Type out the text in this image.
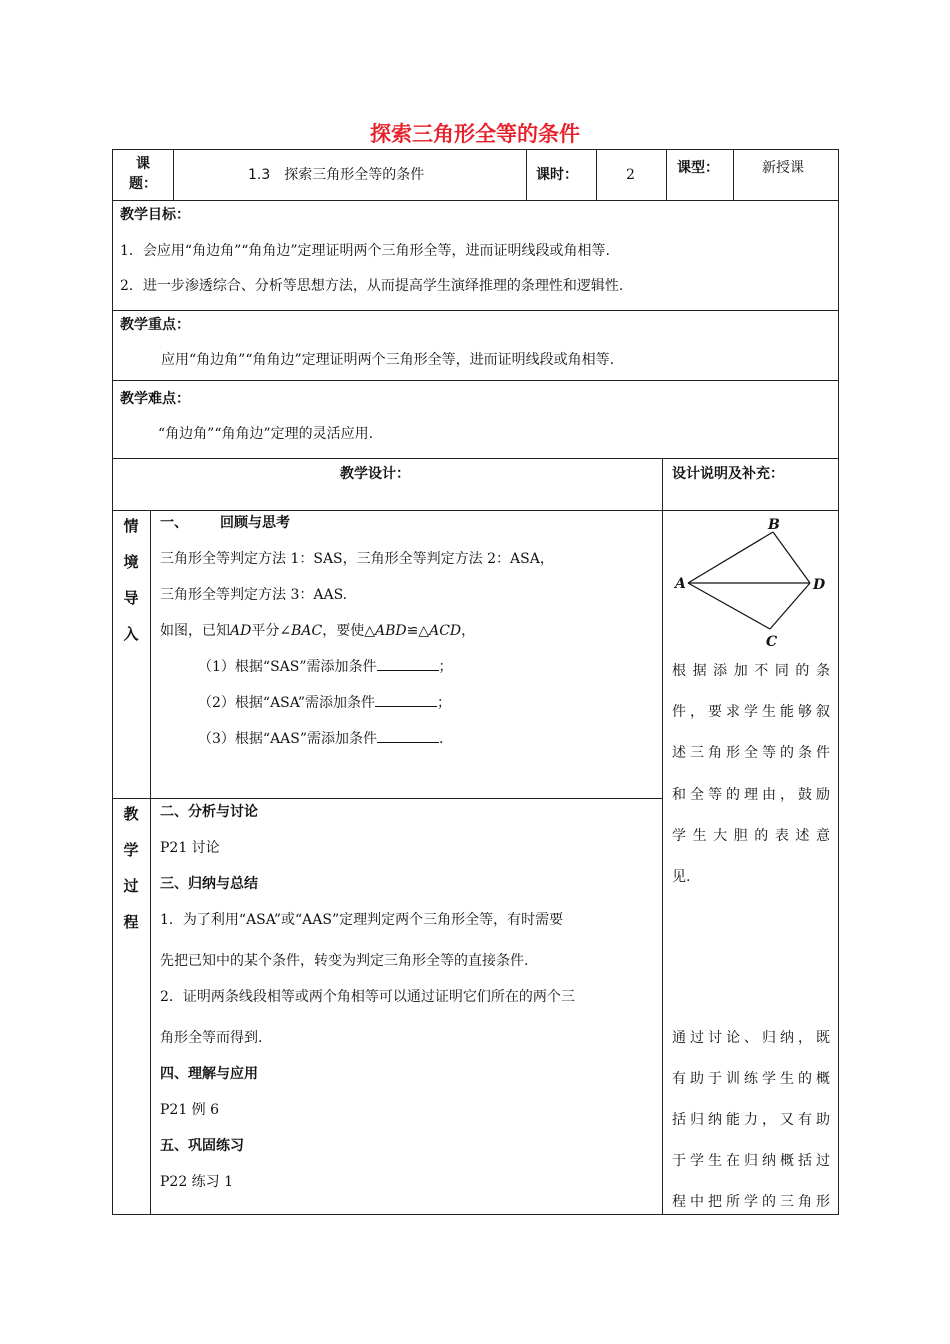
探索三角形全等的条件
课题：
1.3　探索三角形全等的条件	课时：	2	课型：	新授课
教学目标：
1．会应用“角边角”“角角边”定理证明两个三角形全等，进而证明线段或角相等.
2．进一步渗透综合、分析等思想方法，从而提高学生演绎推理的条理性和逻辑性.
教学重点：
应用“角边角”“角角边”定理证明两个三角形全等，进而证明线段或角相等.
教学难点：
“角边角”“角角边”定理的灵活应用.
教学设计：	设计说明及补充：
情
境
导
入
一、 回顾与思考
三角形全等判定方法 1：SAS，三角形全等判定方法 2：ASA，
三角形全等判定方法 3：AAS.
如图，已知AD平分∠BAC，要使△ABD≌△ACD，
（1）根据“SAS”需添加条件	；
（2）根据“ASA”需添加条件	；
（3）根据“AAS”需添加条件	.
教
学
过
程
二、分析与讨论
P21 讨论
三、归纳与总结
1．为了利用“ASA”或“AAS”定理判定两个三角形全等，有时需要
先把已知中的某个条件，转变为判定三角形全等的直接条件.
2．证明两条线段相等或两个角相等可以通过证明它们所在的两个三
角形全等而得到.
四、理解与应用
P21 例 6
五、巩固练习
P22 练习 1
B
A	D
C
根据添加不同的条
件，要求学生能够叙
述三角形全等的条件
和全等的理由，鼓励
学生大胆的表述意
见.
通过讨论、归纳，既
有助于训练学生的概
括归纳能力，又有助
于学生在归纳概括过
程中把所学的三角形
